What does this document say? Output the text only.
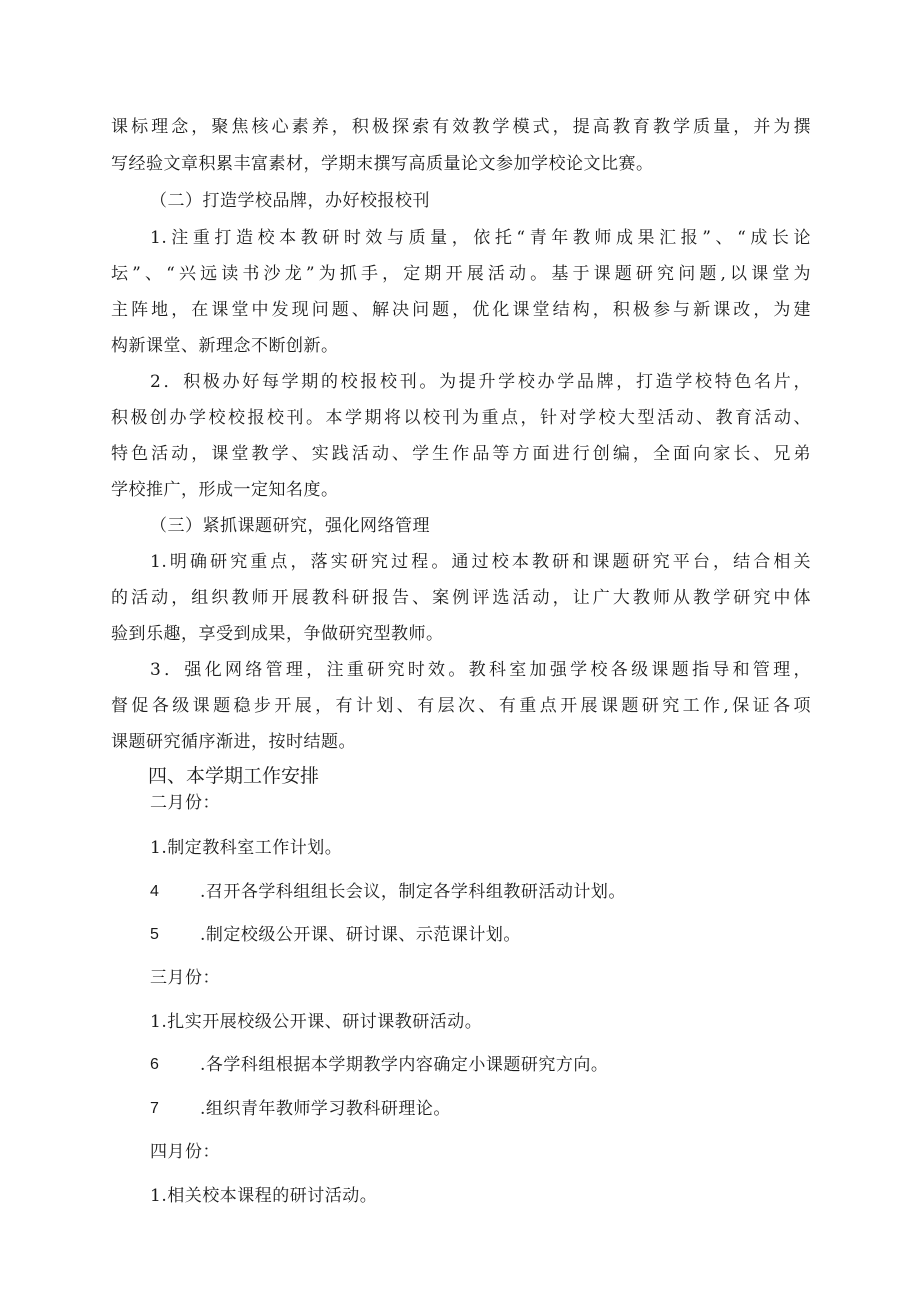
课标理念，聚焦核心素养，积极探索有效教学模式，提高教育教学质量，并为撰
写经验文章积累丰富素材，学期末撰写高质量论文参加学校论文比赛。
（二）打造学校品牌，办好校报校刊
1.注重打造校本教研时效与质量，依托“青年教师成果汇报”、“成长论
坛”、“兴远读书沙龙”为抓手，定期开展活动。基于课题研究问题,以课堂为
主阵地，在课堂中发现问题、解决问题，优化课堂结构，积极参与新课改，为建
构新课堂、新理念不断创新。
2．积极办好每学期的校报校刊。为提升学校办学品牌，打造学校特色名片，
积极创办学校校报校刊。本学期将以校刊为重点，针对学校大型活动、教育活动、
特色活动，课堂教学、实践活动、学生作品等方面进行创编，全面向家长、兄弟
学校推广，形成一定知名度。
（三）紧抓课题研究，强化网络管理
1.明确研究重点，落实研究过程。通过校本教研和课题研究平台，结合相关
的活动，组织教师开展教科研报告、案例评选活动，让广大教师从教学研究中体
验到乐趣，享受到成果，争做研究型教师。
3．强化网络管理，注重研究时效。教科室加强学校各级课题指导和管理，
督促各级课题稳步开展，有计划、有层次、有重点开展课题研究工作,保证各项
课题研究循序渐进，按时结题。
四、本学期工作安排
二月份：
1.制定教科室工作计划。
4 .召开各学科组组长会议，制定各学科组教研活动计划。
5 .制定校级公开课、研讨课、示范课计划。
三月份：
1.扎实开展校级公开课、研讨课教研活动。
6 .各学科组根据本学期教学内容确定小课题研究方向。
7 .组织青年教师学习教科研理论。
四月份：
1.相关校本课程的研讨活动。
